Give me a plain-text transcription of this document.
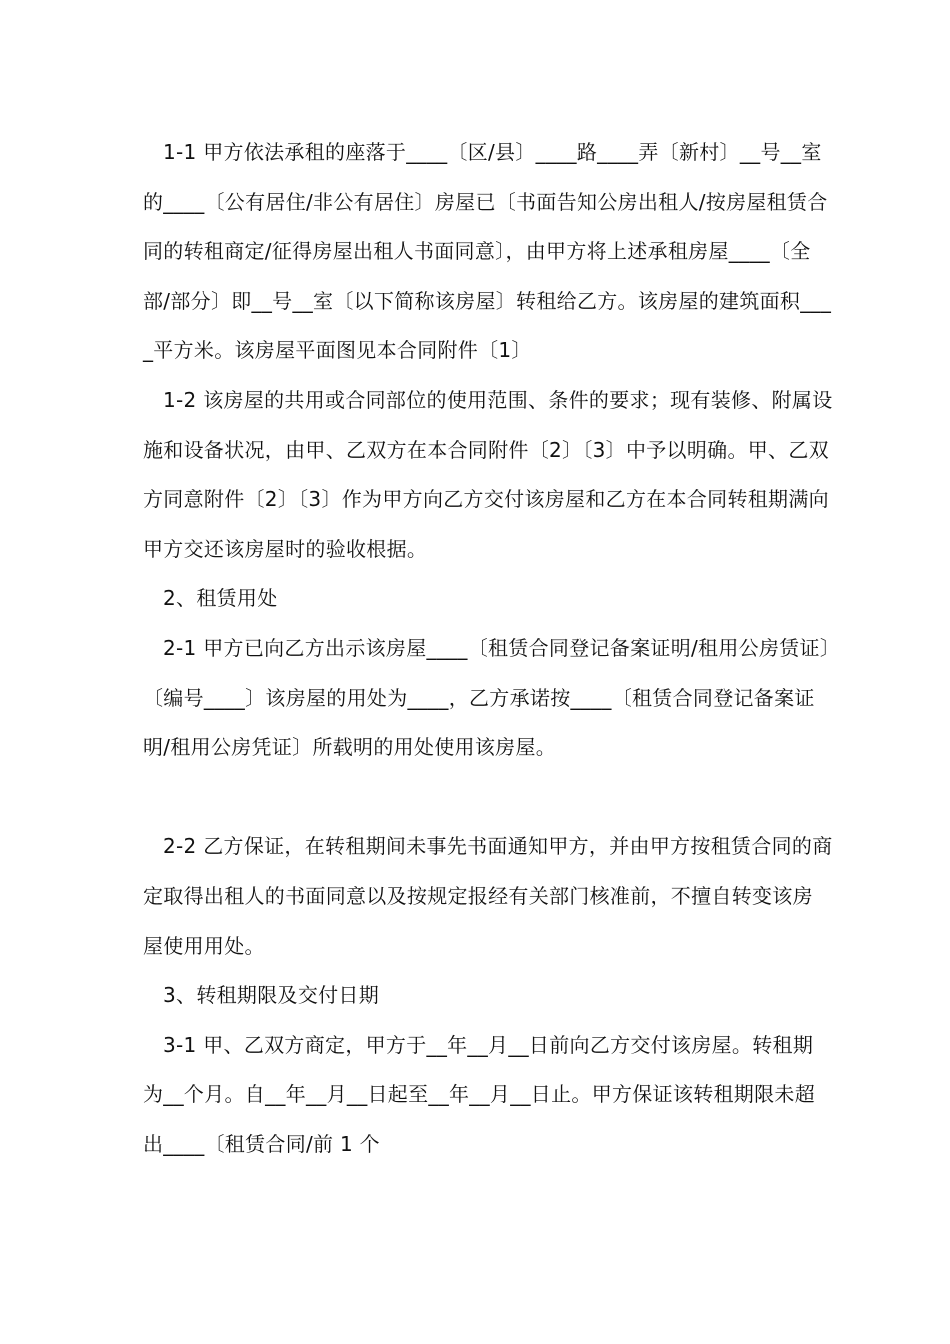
1-1 甲方依法承租的座落于____〔区/县〕____路____弄〔新村〕__号__室的____〔公有居住/非公有居住〕房屋已〔书面告知公房出租人/按房屋租赁合同的转租商定/征得房屋出租人书面同意〕，由甲方将上述承租房屋____〔全部/部分〕即__号__室〔以下简称该房屋〕转租给乙方。该房屋的建筑面积____平方米。该房屋平面图见本合同附件〔1〕

1-2 该房屋的共用或合同部位的使用范围、条件的要求；现有装修、附属设施和设备状况，由甲、乙双方在本合同附件〔2〕〔3〕中予以明确。甲、乙双方同意附件〔2〕〔3〕作为甲方向乙方交付该房屋和乙方在本合同转租期满向甲方交还该房屋时的验收根据。

2、租赁用处

2-1 甲方已向乙方出示该房屋____〔租赁合同登记备案证明/租用公房赁证〕〔编号____〕该房屋的用处为____，乙方承诺按____〔租赁合同登记备案证明/租用公房凭证〕所载明的用处使用该房屋。

2-2 乙方保证，在转租期间未事先书面通知甲方，并由甲方按租赁合同的商定取得出租人的书面同意以及按规定报经有关部门核准前，不擅自转变该房屋使用用处。

3、转租期限及交付日期

3-1 甲、乙双方商定，甲方于__年__月__日前向乙方交付该房屋。转租期为__个月。自__年__月__日起至__年__月__日止。甲方保证该转租期限未超出____〔租赁合同/前 1 个
